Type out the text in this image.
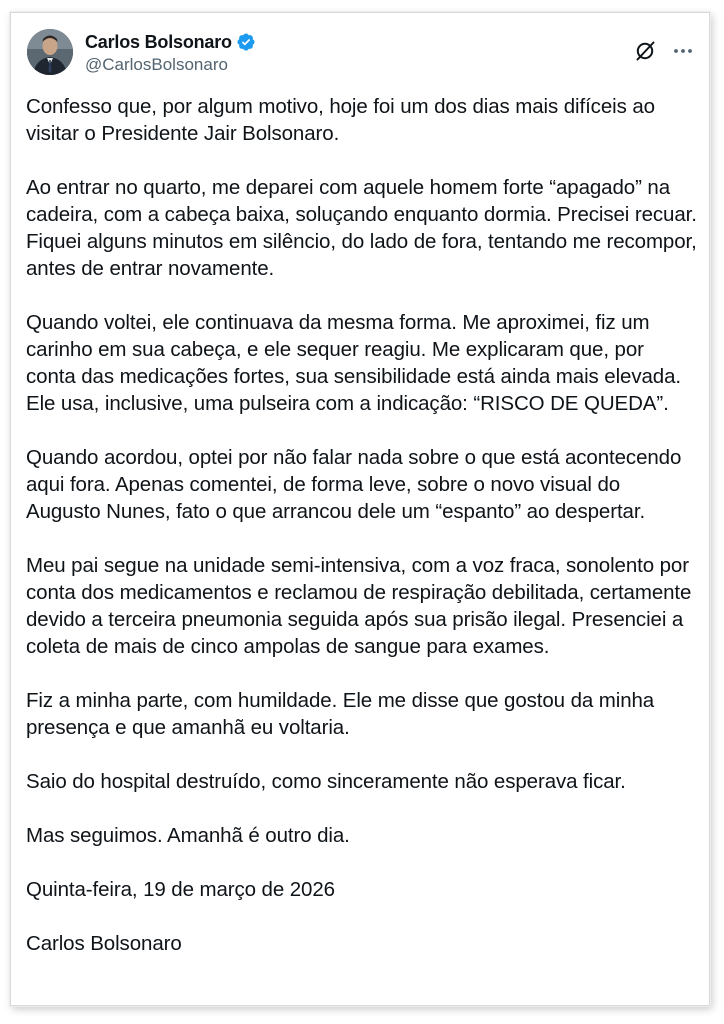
Carlos Bolsonaro
@CarlosBolsonaro

Confesso que, por algum motivo, hoje foi um dos dias mais difíceis ao visitar o Presidente Jair Bolsonaro.

Ao entrar no quarto, me deparei com aquele homem forte “apagado” na cadeira, com a cabeça baixa, soluçando enquanto dormia. Precisei recuar. Fiquei alguns minutos em silêncio, do lado de fora, tentando me recompor, antes de entrar novamente.

Quando voltei, ele continuava da mesma forma. Me aproximei, fiz um carinho em sua cabeça, e ele sequer reagiu. Me explicaram que, por conta das medicações fortes, sua sensibilidade está ainda mais elevada. Ele usa, inclusive, uma pulseira com a indicação: “RISCO DE QUEDA”.

Quando acordou, optei por não falar nada sobre o que está acontecendo aqui fora. Apenas comentei, de forma leve, sobre o novo visual do Augusto Nunes, fato o que arrancou dele um “espanto” ao despertar.

Meu pai segue na unidade semi-intensiva, com a voz fraca, sonolento por conta dos medicamentos e reclamou de respiração debilitada, certamente devido a terceira pneumonia seguida após sua prisão ilegal. Presenciei a coleta de mais de cinco ampolas de sangue para exames.

Fiz a minha parte, com humildade. Ele me disse que gostou da minha presença e que amanhã eu voltaria.

Saio do hospital destruído, como sinceramente não esperava ficar.

Mas seguimos. Amanhã é outro dia.

Quinta-feira, 19 de março de 2026

Carlos Bolsonaro
